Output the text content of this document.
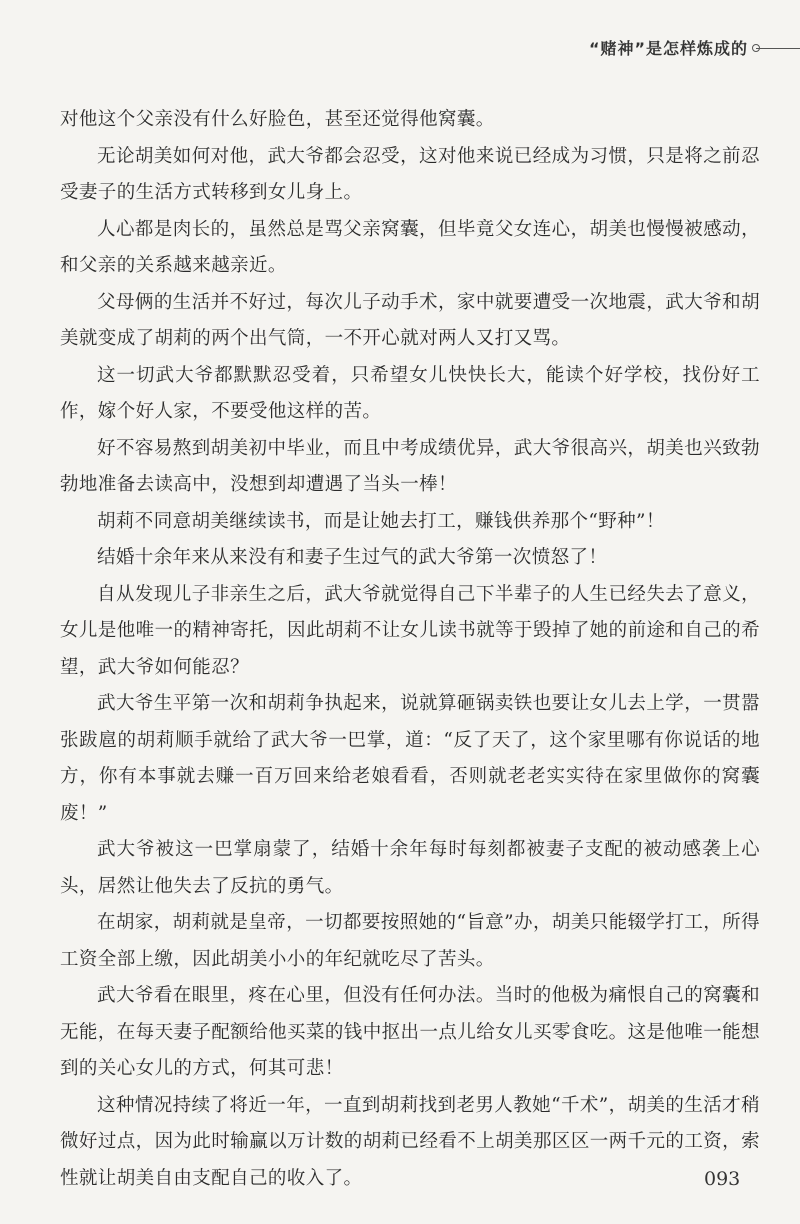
“赌神”是怎样炼成的

对他这个父亲没有什么好脸色，甚至还觉得他窝囊。

无论胡美如何对他，武大爷都会忍受，这对他来说已经成为习惯，只是将之前忍受妻子的生活方式转移到女儿身上。

人心都是肉长的，虽然总是骂父亲窝囊，但毕竟父女连心，胡美也慢慢被感动，和父亲的关系越来越亲近。

父母俩的生活并不好过，每次儿子动手术，家中就要遭受一次地震，武大爷和胡美就变成了胡莉的两个出气筒，一不开心就对两人又打又骂。

这一切武大爷都默默忍受着，只希望女儿快快长大，能读个好学校，找份好工作，嫁个好人家，不要受他这样的苦。

好不容易熬到胡美初中毕业，而且中考成绩优异，武大爷很高兴，胡美也兴致勃勃地准备去读高中，没想到却遭遇了当头一棒！

胡莉不同意胡美继续读书，而是让她去打工，赚钱供养那个“野种”！

结婚十余年来从来没有和妻子生过气的武大爷第一次愤怒了！

自从发现儿子非亲生之后，武大爷就觉得自己下半辈子的人生已经失去了意义，女儿是他唯一的精神寄托，因此胡莉不让女儿读书就等于毁掉了她的前途和自己的希望，武大爷如何能忍？

武大爷生平第一次和胡莉争执起来，说就算砸锅卖铁也要让女儿去上学，一贯嚣张跋扈的胡莉顺手就给了武大爷一巴掌，道：“反了天了，这个家里哪有你说话的地方，你有本事就去赚一百万回来给老娘看看，否则就老老实实待在家里做你的窝囊废！”

武大爷被这一巴掌扇蒙了，结婚十余年每时每刻都被妻子支配的被动感袭上心头，居然让他失去了反抗的勇气。

在胡家，胡莉就是皇帝，一切都要按照她的“旨意”办，胡美只能辍学打工，所得工资全部上缴，因此胡美小小的年纪就吃尽了苦头。

武大爷看在眼里，疼在心里，但没有任何办法。当时的他极为痛恨自己的窝囊和无能，在每天妻子配额给他买菜的钱中抠出一点儿给女儿买零食吃。这是他唯一能想到的关心女儿的方式，何其可悲！

这种情况持续了将近一年，一直到胡莉找到老男人教她“千术”，胡美的生活才稍微好过点，因为此时输赢以万计数的胡莉已经看不上胡美那区区一两千元的工资，索性就让胡美自由支配自己的收入了。	093
